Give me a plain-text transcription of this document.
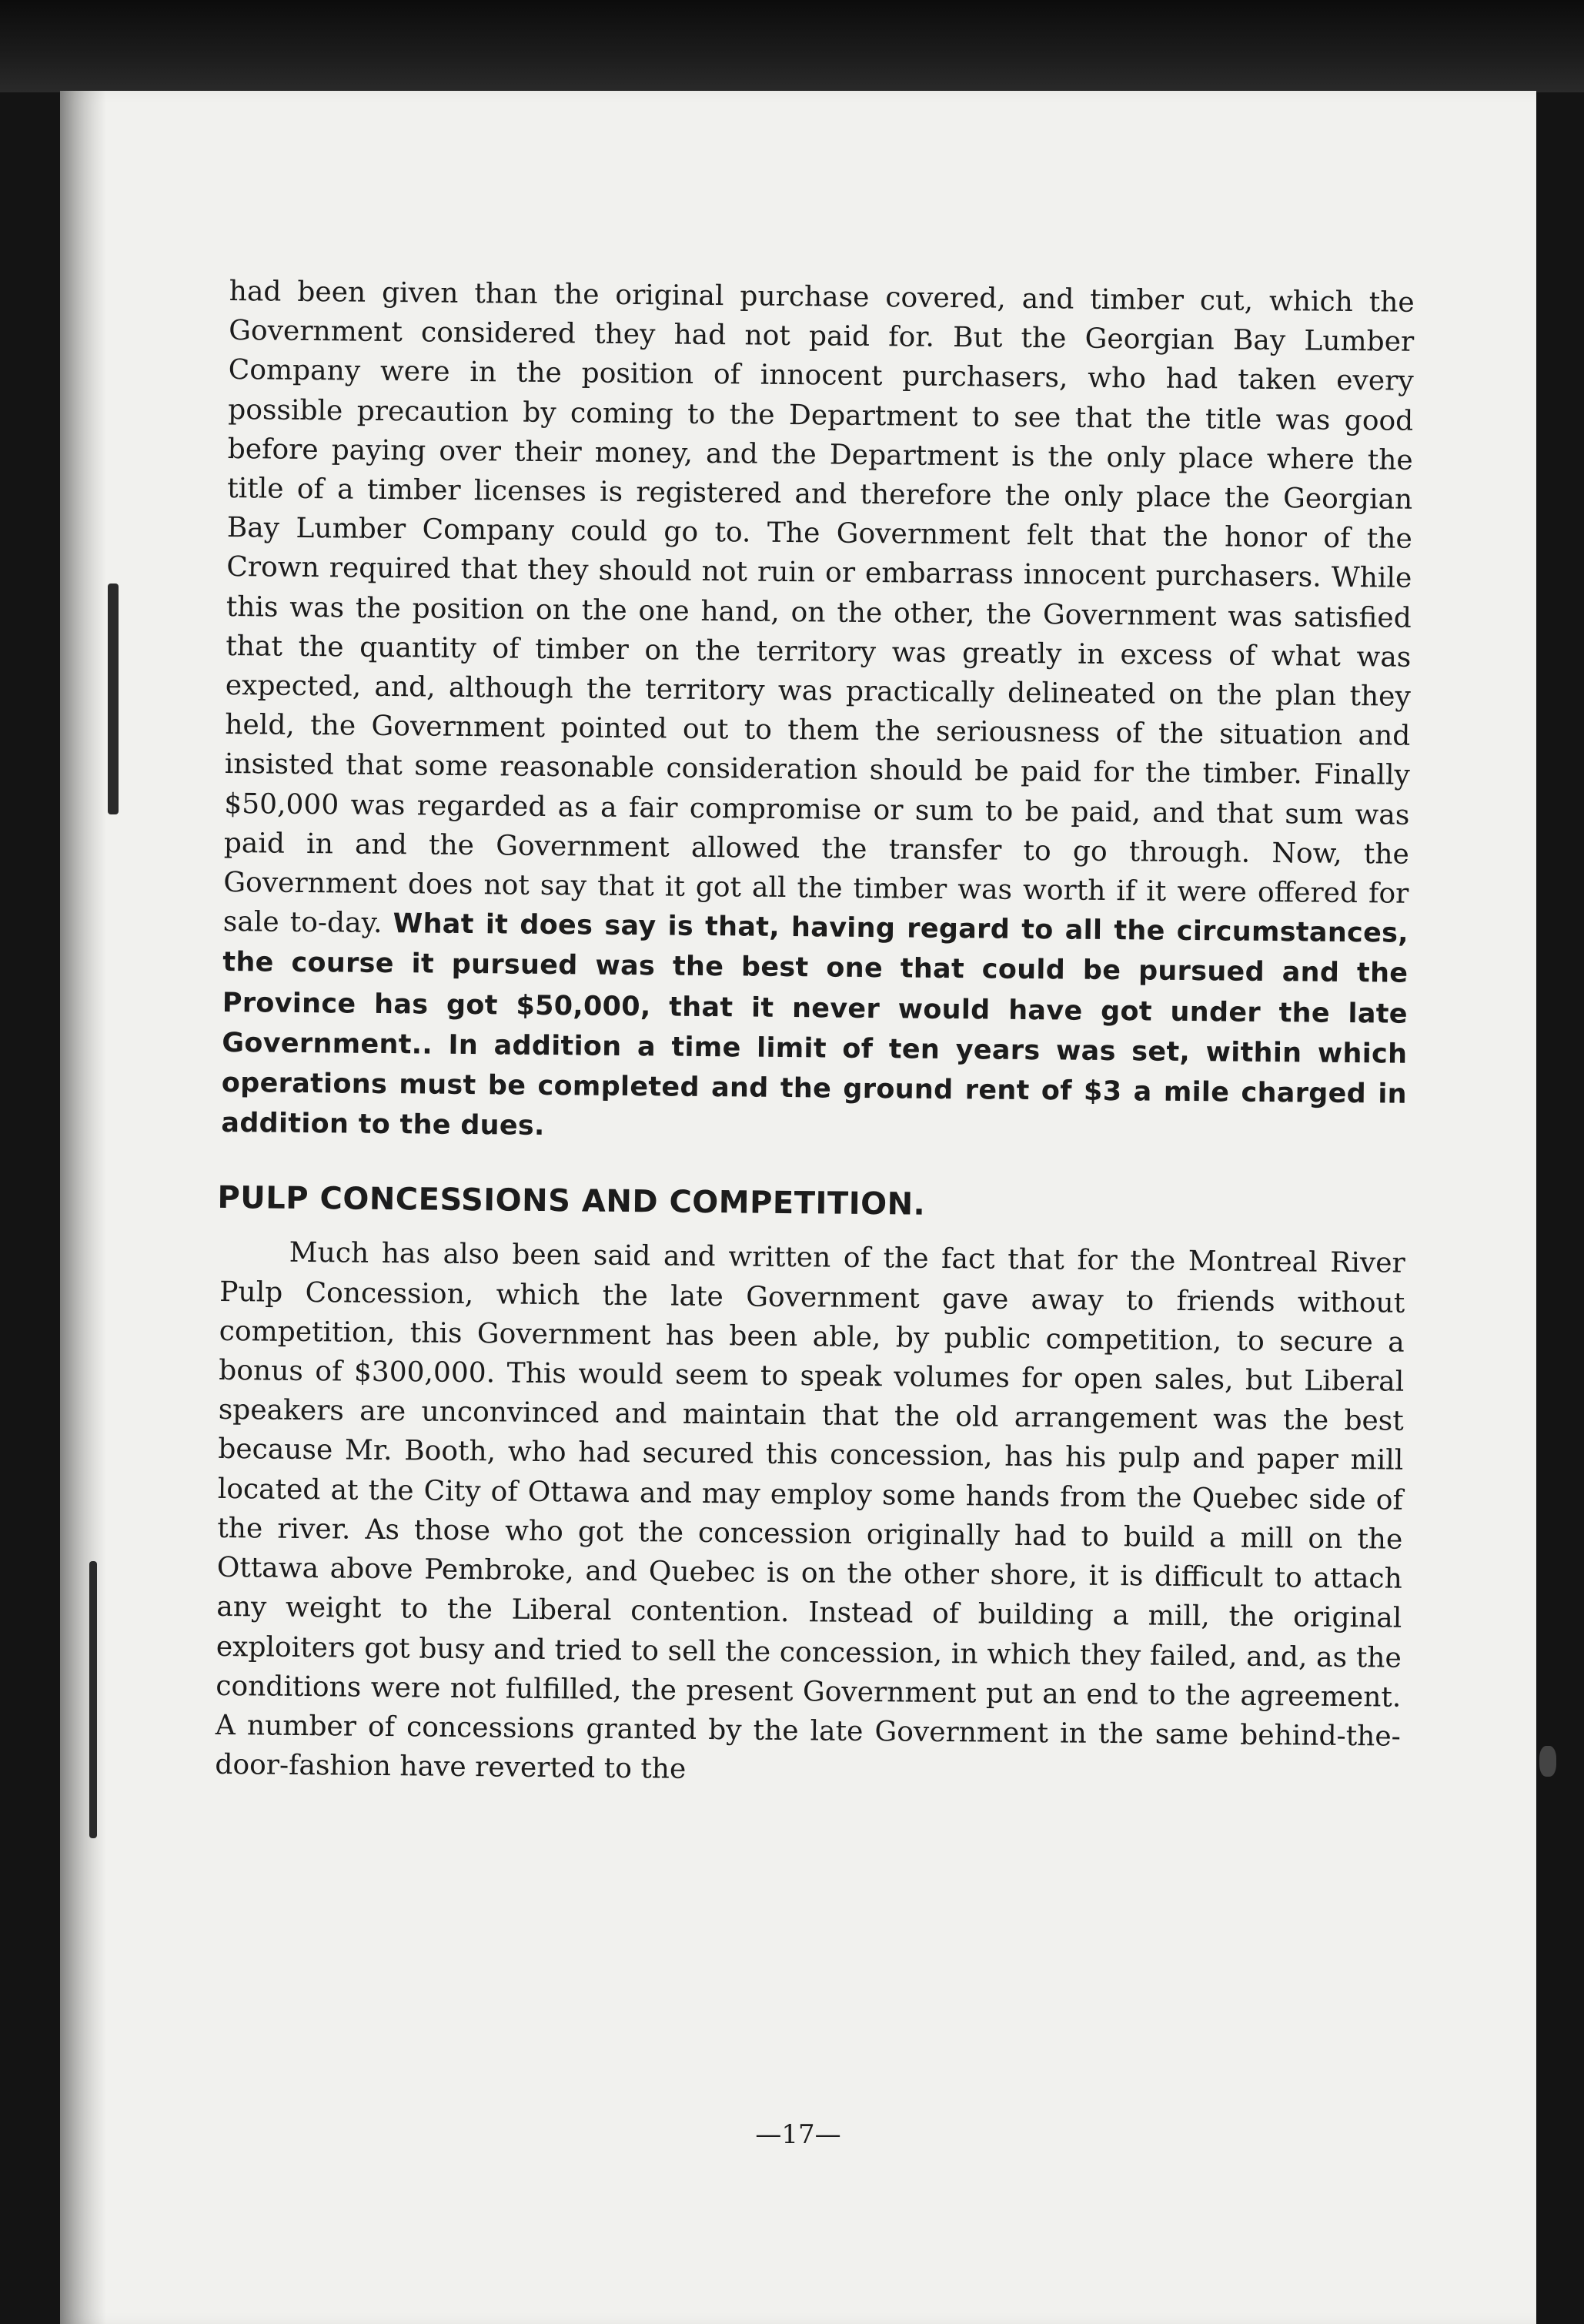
had been given than the original purchase covered, and timber cut, which the Government considered they had not paid for. But the Georgian Bay Lumber Company were in the position of innocent purchasers, who had taken every possible precaution by coming to the Department to see that the title was good before paying over their money, and the Department is the only place where the title of a timber licenses is registered and therefore the only place the Georgian Bay Lumber Company could go to. The Government felt that the honor of the Crown required that they should not ruin or embarrass innocent purchasers. While this was the position on the one hand, on the other, the Government was satisfied that the quantity of timber on the territory was greatly in excess of what was expected, and, although the territory was practically delineated on the plan they held, the Government pointed out to them the seriousness of the situation and insisted that some reasonable consideration should be paid for the timber. Finally $50,000 was regarded as a fair compromise or sum to be paid, and that sum was paid in and the Government allowed the transfer to go through. Now, the Government does not say that it got all the timber was worth if it were offered for sale to-day. What it does say is that, having regard to all the circumstances, the course it pursued was the best one that could be pursued and the Province has got $50,000, that it never would have got under the late Government.. In addition a time limit of ten years was set, within which operations must be completed and the ground rent of $3 a mile charged in addition to the dues.

PULP CONCESSIONS AND COMPETITION.

Much has also been said and written of the fact that for the Montreal River Pulp Concession, which the late Government gave away to friends without competition, this Government has been able, by public competition, to secure a bonus of $300,000. This would seem to speak volumes for open sales, but Liberal speakers are unconvinced and maintain that the old arrangement was the best because Mr. Booth, who had secured this concession, has his pulp and paper mill located at the City of Ottawa and may employ some hands from the Quebec side of the river. As those who got the concession originally had to build a mill on the Ottawa above Pembroke, and Quebec is on the other shore, it is difficult to attach any weight to the Liberal contention. Instead of building a mill, the original exploiters got busy and tried to sell the concession, in which they failed, and, as the conditions were not fulfilled, the present Government put an end to the agreement. A number of concessions granted by the late Government in the same behind-the-door-fashion have reverted to the

—17—
